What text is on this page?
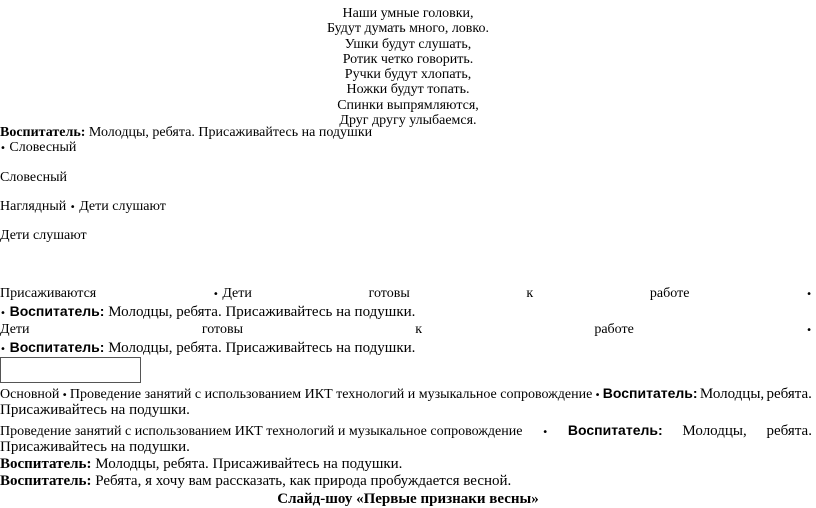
Наши умные головки,
Будут думать много, ловко.
Ушки будут слушать,
Ротик четко говорить.
Ручки будут хлопать,
Ножки будут топать.
Спинки выпрямляются,
Друг другу улыбаемся.
Воспитатель: Молодцы, ребята. Присаживайтесь на подушки
• Словесный
Словесный
Наглядный • Дети слушают
Дети слушают
Присаживаются	• Дети	готовы	к	работе	•
• Воспитатель: Молодцы, ребята. Присаживайтесь на подушки.
Дети	готовы	к	работе	•
• Воспитатель: Молодцы, ребята. Присаживайтесь на подушки.
Основной • Проведение занятий с использованием ИКТ технологий и музыкальное сопровождение • Воспитатель: Молодцы, ребята.
Присаживайтесь на подушки.
Проведение занятий с использованием ИКТ технологий и музыкальное сопровождение • Воспитатель: Молодцы, ребята.
Присаживайтесь на подушки.
Воспитатель: Молодцы, ребята. Присаживайтесь на подушки.
Воспитатель: Ребята, я хочу вам рассказать, как природа пробуждается весной.
Слайд-шоу «Первые признаки весны»
